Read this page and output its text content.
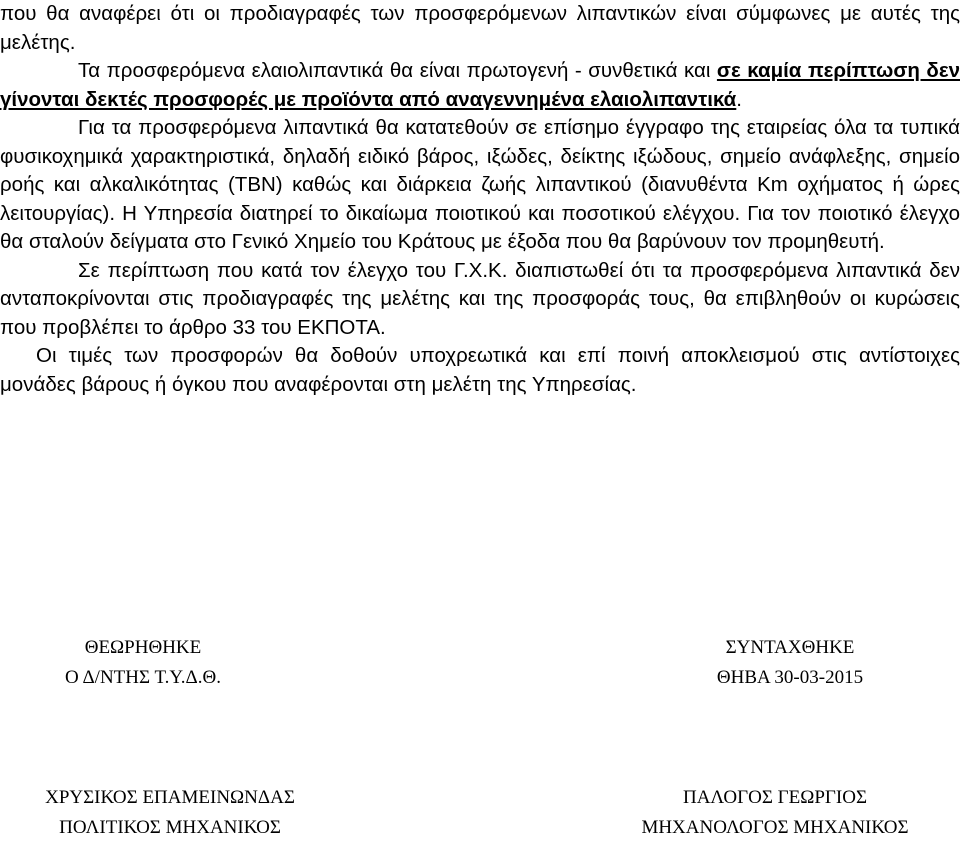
που θα αναφέρει ότι οι προδιαγραφές των προσφερόμενων λιπαντικών είναι σύμφωνες με αυτές της μελέτης.

Τα προσφερόμενα ελαιολιπαντικά θα είναι πρωτογενή - συνθετικά και σε καμία περίπτωση δεν γίνονται δεκτές προσφορές με προϊόντα από αναγεννημένα ελαιολιπαντικά.

Για τα προσφερόμενα λιπαντικά θα κατατεθούν σε επίσημο έγγραφο της εταιρείας όλα τα τυπικά φυσικοχημικά χαρακτηριστικά, δηλαδή ειδικό βάρος, ιξώδες, δείκτης ιξώδους, σημείο ανάφλεξης, σημείο ροής και αλκαλικότητας (TBN) καθώς και διάρκεια ζωής λιπαντικού (διανυθέντα Km οχήματος ή ώρες λειτουργίας). Η Υπηρεσία διατηρεί το δικαίωμα ποιοτικού και ποσοτικού ελέγχου. Για τον ποιοτικό έλεγχο θα σταλούν δείγματα στο Γενικό Χημείο του Κράτους με έξοδα που θα βαρύνουν τον προμηθευτή.

Σε περίπτωση που κατά τον έλεγχο του Γ.Χ.Κ. διαπιστωθεί ότι τα προσφερόμενα λιπαντικά δεν ανταποκρίνονται στις προδιαγραφές της μελέτης και της προσφοράς τους, θα επιβληθούν οι κυρώσεις που προβλέπει το άρθρο 33 του ΕΚΠΟΤΑ.

Οι τιμές των προσφορών θα δοθούν υποχρεωτικά και επί ποινή αποκλεισμού στις αντίστοιχες μονάδες βάρους ή όγκου που αναφέρονται στη μελέτη της Υπηρεσίας.

ΘΕΩΡΗΘΗΚΕ
Ο Δ/ΝΤΗΣ Τ.Υ.Δ.Θ.
ΣΥΝΤΑΧΘΗΚΕ
ΘΗΒΑ 30-03-2015
ΧΡΥΣΙΚΟΣ ΕΠΑΜΕΙΝΩΝΔΑΣ
ΠΟΛΙΤΙΚΟΣ ΜΗΧΑΝΙΚΟΣ
ΠΑΛΟΓΟΣ ΓΕΩΡΓΙΟΣ
ΜΗΧΑΝΟΛΟΓΟΣ ΜΗΧΑΝΙΚΟΣ
